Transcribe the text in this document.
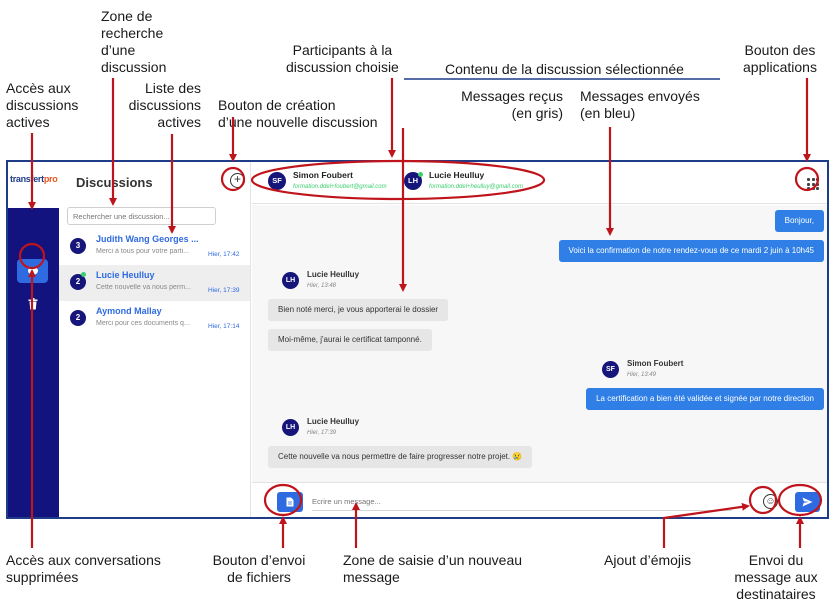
Zone de
recherche
d’une
discussion
Participants à la
discussion choisie
Bouton des
applications
Accès aux
discussions
actives
Liste des
discussions
actives
Bouton de création
d’une nouvelle discussion
Contenu de la discussion sélectionnée
Messages reçus
(en gris)
Messages envoyés
(en bleu)
Accès aux conversations
supprimées
Bouton d’envoi
de fichiers
Zone de saisie d’un nouveau
message
Ajout d’émojis	Envoi du
message aux
destinataires
transfertpro Discussions	+
Rechercher une discussion...
3
Judith Wang Georges ...
Merci à tous pour votre parti...	Hier, 17:42
2
Lucie Heulluy
Cette nouvelle va nous perm...	Hier, 17:39
2
Aymond Mallay
Merci pour ces documents q...	Hier, 17:14
SF
Simon Foubert
formation.ddel+foubert@gmail.com
LH
Lucie Heulluy
formation.ddel+heulluy@gmail.com
Bonjour,
Voici la confirmation de notre rendez-vous de ce mardi 2 juin à 10h45
LH
Lucie Heulluy
Hier, 13:48
Bien noté merci, je vous apporterai le dossier
Moi-même, j'aurai le certificat tamponné.
SF
Simon Foubert
Hier, 13:49
La certification a bien été validée et signée par notre direction
LH
Lucie Heulluy
Hier, 17:39
Cette nouvelle va nous permettre de faire progresser notre projet. 😢
Ecrire un message...
☺
